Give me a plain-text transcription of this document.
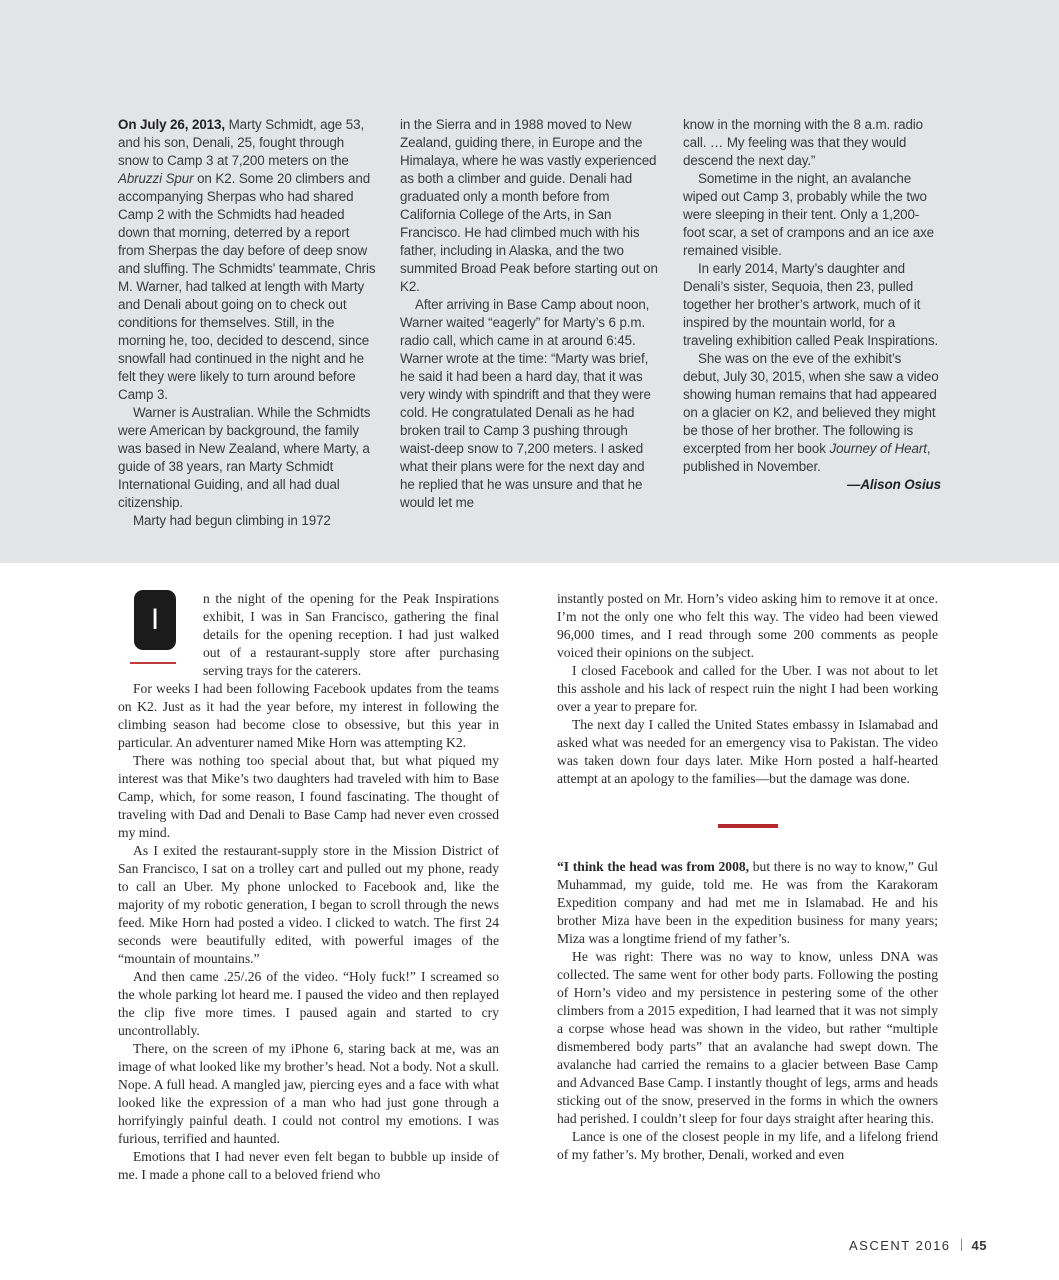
On July 26, 2013, Marty Schmidt, age 53, and his son, Denali, 25, fought through snow to Camp 3 at 7,200 meters on the Abruzzi Spur on K2. Some 20 climbers and accompanying Sherpas who had shared Camp 2 with the Schmidts had headed down that morning, deterred by a report from Sherpas the day before of deep snow and sluffing. The Schmidts' teammate, Chris M. Warner, had talked at length with Marty and Denali about going on to check out conditions for themselves. Still, in the morning he, too, decided to descend, since snowfall had continued in the night and he felt they were likely to turn around before Camp 3.

Warner is Australian. While the Schmidts were American by background, the family was based in New Zealand, where Marty, a guide of 38 years, ran Marty Schmidt International Guiding, and all had dual citizenship.

Marty had begun climbing in 1972

in the Sierra and in 1988 moved to New Zealand, guiding there, in Europe and the Himalaya, where he was vastly experienced as both a climber and guide. Denali had graduated only a month before from California College of the Arts, in San Francisco. He had climbed much with his father, including in Alaska, and the two summited Broad Peak before starting out on K2.

After arriving in Base Camp about noon, Warner waited “eagerly” for Marty’s 6 p.m. radio call, which came in at around 6:45. Warner wrote at the time: “Marty was brief, he said it had been a hard day, that it was very windy with spindrift and that they were cold. He congratulated Denali as he had broken trail to Camp 3 pushing through waist-deep snow to 7,200 meters. I asked what their plans were for the next day and he replied that he was unsure and that he would let me

know in the morning with the 8 a.m. radio call. … My feeling was that they would descend the next day.”

Sometime in the night, an avalanche wiped out Camp 3, probably while the two were sleeping in their tent. Only a 1,200-foot scar, a set of crampons and an ice axe remained visible.

In early 2014, Marty’s daughter and Denali’s sister, Sequoia, then 23, pulled together her brother’s artwork, much of it inspired by the mountain world, for a traveling exhibition called Peak Inspirations.

She was on the eve of the exhibit’s debut, July 30, 2015, when she saw a video showing human remains that had appeared on a glacier on K2, and believed they might be those of her brother. The following is excerpted from her book Journey of Heart, published in November.

—Alison Osius

I
n the night of the opening for the Peak Inspirations exhibit, I was in San Francisco, gathering the final details for the opening reception. I had just walked out of a restaurant-supply store after purchasing serving trays for the caterers.

For weeks I had been following Facebook updates from the teams on K2. Just as it had the year before, my interest in following the climbing season had become close to obsessive, but this year in particular. An adventurer named Mike Horn was attempting K2.

There was nothing too special about that, but what piqued my interest was that Mike’s two daughters had traveled with him to Base Camp, which, for some reason, I found fascinating. The thought of traveling with Dad and Denali to Base Camp had never even crossed my mind.

As I exited the restaurant-supply store in the Mission District of San Francisco, I sat on a trolley cart and pulled out my phone, ready to call an Uber. My phone unlocked to Facebook and, like the majority of my robotic generation, I began to scroll through the news feed. Mike Horn had posted a video. I clicked to watch. The first 24 seconds were beautifully edited, with powerful images of the “mountain of mountains.”

And then came .25/.26 of the video. “Holy fuck!” I screamed so the whole parking lot heard me. I paused the video and then replayed the clip five more times. I paused again and started to cry uncontrollably.

There, on the screen of my iPhone 6, staring back at me, was an image of what looked like my brother’s head. Not a body. Not a skull. Nope. A full head. A mangled jaw, piercing eyes and a face with what looked like the expression of a man who had just gone through a horrifyingly painful death. I could not control my emotions. I was furious, terrified and haunted.

Emotions that I had never even felt began to bubble up inside of me. I made a phone call to a beloved friend who

instantly posted on Mr. Horn’s video asking him to remove it at once. I’m not the only one who felt this way. The video had been viewed 96,000 times, and I read through some 200 comments as people voiced their opinions on the subject.

I closed Facebook and called for the Uber. I was not about to let this asshole and his lack of respect ruin the night I had been working over a year to prepare for.

The next day I called the United States embassy in Islamabad and asked what was needed for an emergency visa to Pakistan. The video was taken down four days later. Mike Horn posted a half-hearted attempt at an apology to the families—but the damage was done.

“I think the head was from 2008, but there is no way to know,” Gul Muhammad, my guide, told me. He was from the Karakoram Expedition company and had met me in Islamabad. He and his brother Miza have been in the expedition business for many years; Miza was a longtime friend of my father’s.

He was right: There was no way to know, unless DNA was collected. The same went for other body parts. Following the posting of Horn’s video and my persistence in pestering some of the other climbers from a 2015 expedition, I had learned that it was not simply a corpse whose head was shown in the video, but rather “multiple dismembered body parts” that an avalanche had swept down. The avalanche had carried the remains to a glacier between Base Camp and Advanced Base Camp. I instantly thought of legs, arms and heads sticking out of the snow, preserved in the forms in which the owners had perished. I couldn’t sleep for four days straight after hearing this.

Lance is one of the closest people in my life, and a lifelong friend of my father’s. My brother, Denali, worked and even

ASCENT 2016 45
